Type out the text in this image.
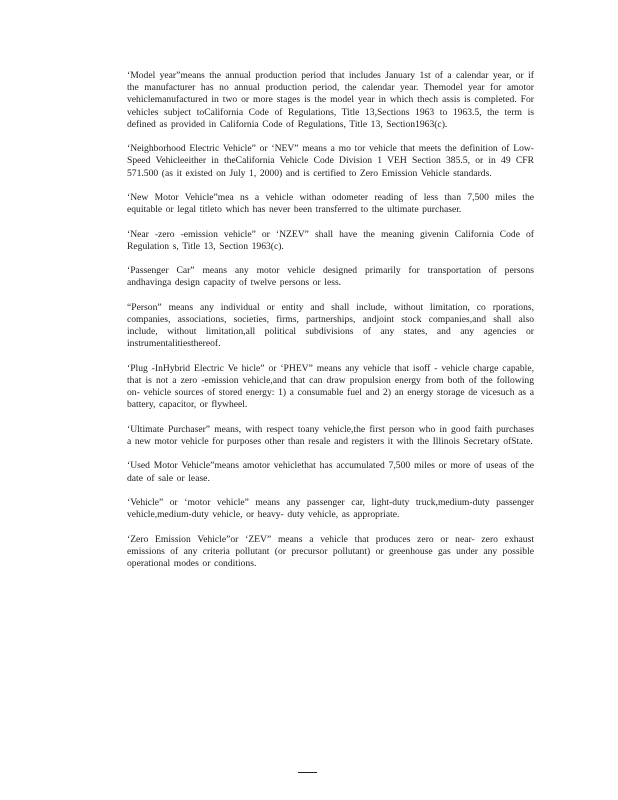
‘Model year”means the annual production period that includes January 1st of a calendar year, or if the manufacturer has no annual production period, the calendar year. Themodel year for amotor vehiclemanufactured in two or more stages is the model year in which thech assis is completed. For vehicles subject toCalifornia Code of Regulations, Title 13,Sections 1963 to 1963.5, the term is defined as provided in California Code of Regulations, Title 13, Section1963(c).

‘Neighborhood Electric Vehicle” or ‘NEV” means a mo tor vehicle that meets the definition of Low- Speed Vehicleeither in theCalifornia Vehicle Code Division 1 VEH Section 385.5, or in 49 CFR 571.500 (as it existed on July 1, 2000) and is certified to Zero Emission Vehicle standards.

‘New Motor Vehicle”mea ns a vehicle withan odometer reading of less than 7,500 miles the equitable or legal titleto which has never been transferred to the ultimate purchaser.

‘Near -zero -emission vehicle” or ‘NZEV” shall have the meaning givenin California Code of Regulation s, Title 13, Section 1963(c).

‘Passenger Car” means any motor vehicle designed primarily for transportation of persons andhavinga design capacity of twelve persons or less.

“Person” means any individual or entity and shall include, without limitation, co rporations, companies, associations, societies, firms, partnerships, andjoint stock companies,and shall also include, without limitation,all political subdivisions of any states, and any agencies or instrumentalitiesthereof.

‘Plug -InHybrid Electric Ve hicle” or ‘PHEV” means any vehicle that isoff - vehicle charge capable, that is not a zero -emission vehicle,and that can draw propulsion energy from both of the following on- vehicle sources of stored energy: 1) a consumable fuel and 2) an energy storage de vicesuch as a battery, capacitor, or flywheel.

‘Ultimate Purchaser” means, with respect toany vehicle,the first person who in good faith purchases a new motor vehicle for purposes other than resale and registers it with the Illinois Secretary ofState.

‘Used Motor Vehicle”means amotor vehiclethat has accumulated 7,500 miles or more of useas of the date of sale or lease.

‘Vehicle” or ‘motor vehicle” means any passenger car, light-duty truck,medium-duty passenger vehicle,medium-duty vehicle, or heavy- duty vehicle, as appropriate.

‘Zero Emission Vehicle”or ‘ZEV” means a vehicle that produces zero or near- zero exhaust emissions of any criteria pollutant (or precursor pollutant) or greenhouse gas under any possible operational modes or conditions.
